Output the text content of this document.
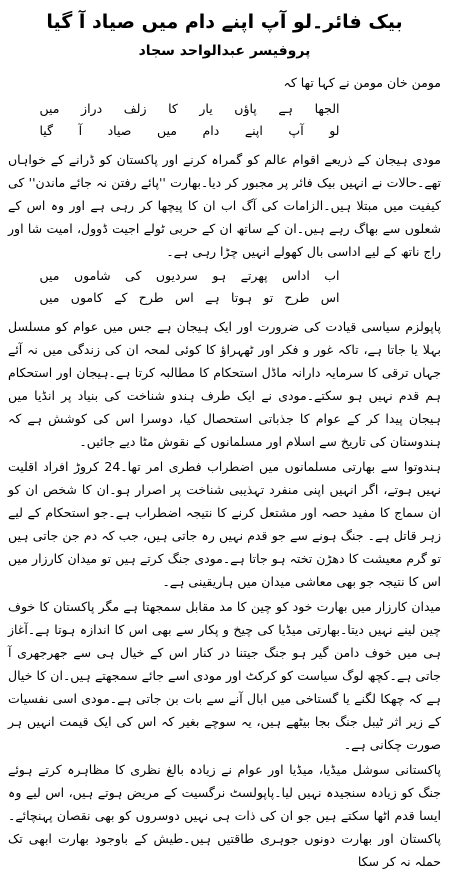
بیک فائر۔لو آپ اپنے دام میں صیاد آ گیا
پروفیسر عبدالواحد سجاد

مومن خان مومن نے کہا تھا کہ

الجھا ہے پاؤں یار کا زلف دراز میں
لو آپ اپنے دام میں صیاد آ گیا

مودی ہیجان کے ذریعے اقوام عالم کو گمراہ کرنے اور پاکستان کو ڈرانے کے خواہاں تھے۔حالات نے انہیں بیک فائر پر مجبور کر دیا۔بھارت ''پائے رفتن نہ جائے ماندن'' کی کیفیت میں مبتلا ہیں۔الزامات کی آگ اب ان کا پیچھا کر رہی ہے اور وہ اس کے شعلوں سے بھاگ رہے ہیں۔ان کے ساتھ ان کے حربی ٹولے اجیت ڈوول، امیت شا اور راج ناتھ کے لیے اداسی بال کھولے انہیں چڑا رہی ہے۔

اب اداس پھرتے ہو سردیوں کی شاموں میں
اس طرح تو ہوتا ہے اس طرح کے کاموں میں

پاپولزم سیاسی قیادت کی ضرورت اور ایک ہیجان ہے جس میں عوام کو مسلسل بہلا یا جاتا ہے، تاکہ غور و فکر اور ٹھہراؤ کا کوئی لمحہ ان کی زندگی میں نہ آئے جہاں ترقی کا سرمایہ دارانہ ماڈل استحکام کا مطالبہ کرتا ہے۔ہیجان اور استحکام ہم قدم نہیں ہو سکتے۔مودی نے ایک طرف ہندو شناخت کی بنیاد پر انڈیا میں ہیجان پیدا کر کے عوام کا جذباتی استحصال کیا، دوسرا اس کی کوشش ہے کہ ہندوستان کی تاریخ سے اسلام اور مسلمانوں کے نقوش مٹا دیے جائیں۔

ہندوتوا سے بھارتی مسلمانوں میں اضطراب فطری امر تھا۔24 کروڑ افراد اقلیت نہیں ہوتے، اگر انہیں اپنی منفرد تہذیبی شناخت پر اصرار ہو۔ان کا شخص ان کو ان سماج کا مفید حصہ اور مشتعل کرنے کا نتیجہ اضطراب ہے۔جو استحکام کے لیے زہر قاتل ہے۔ جنگ ہونے سے جو قدم نہیں رہ جاتی ہیں، جب کہ دم جن جاتی ہیں تو گرم معیشت کا دھڑن تختہ ہو جاتا ہے۔مودی جنگ کرتے ہیں تو میدان کارزار میں اس کا نتیجہ جو بھی معاشی میدان میں ہاریقینی ہے۔

میدان کارزار میں بھارت خود کو چین کا مد مقابل سمجھتا ہے مگر پاکستان کا خوف چین لینے نہیں دیتا۔بھارتی میڈیا کی چیخ و پکار سے بھی اس کا اندازہ ہوتا ہے۔آغاز ہی میں خوف دامن گیر ہو جنگ جیتنا در کنار اس کے خیال ہی سے جھرجھری آ جاتی ہے۔کچھ لوگ سیاست کو کرکٹ اور مودی اسے جائے سمجھتے ہیں۔ان کا خیال ہے کہ چھکا لگنے یا گستاخی میں ابال آنے سے بات بن جاتی ہے۔مودی اسی نفسیات کے زیر اثر ٹیبل جنگ بجا بیٹھے ہیں، یہ سوچے بغیر کہ اس کی ایک قیمت انہیں ہر صورت چکانی ہے۔

پاکستانی سوشل میڈیا، میڈیا اور عوام نے زیادہ بالغ نظری کا مظاہرہ کرتے ہوئے جنگ کو زیادہ سنجیدہ نہیں لیا۔پاپولسٹ نرگسیت کے مریض ہوتے ہیں، اس لیے وہ ایسا قدم اٹھا سکتے ہیں جو ان کی ذات ہی نہیں دوسروں کو بھی نقصان پہنچائے۔ پاکستان اور بھارت دونوں جوہری طاقتیں ہیں۔طیش کے باوجود بھارت ابھی تک حملہ نہ کر سکا
